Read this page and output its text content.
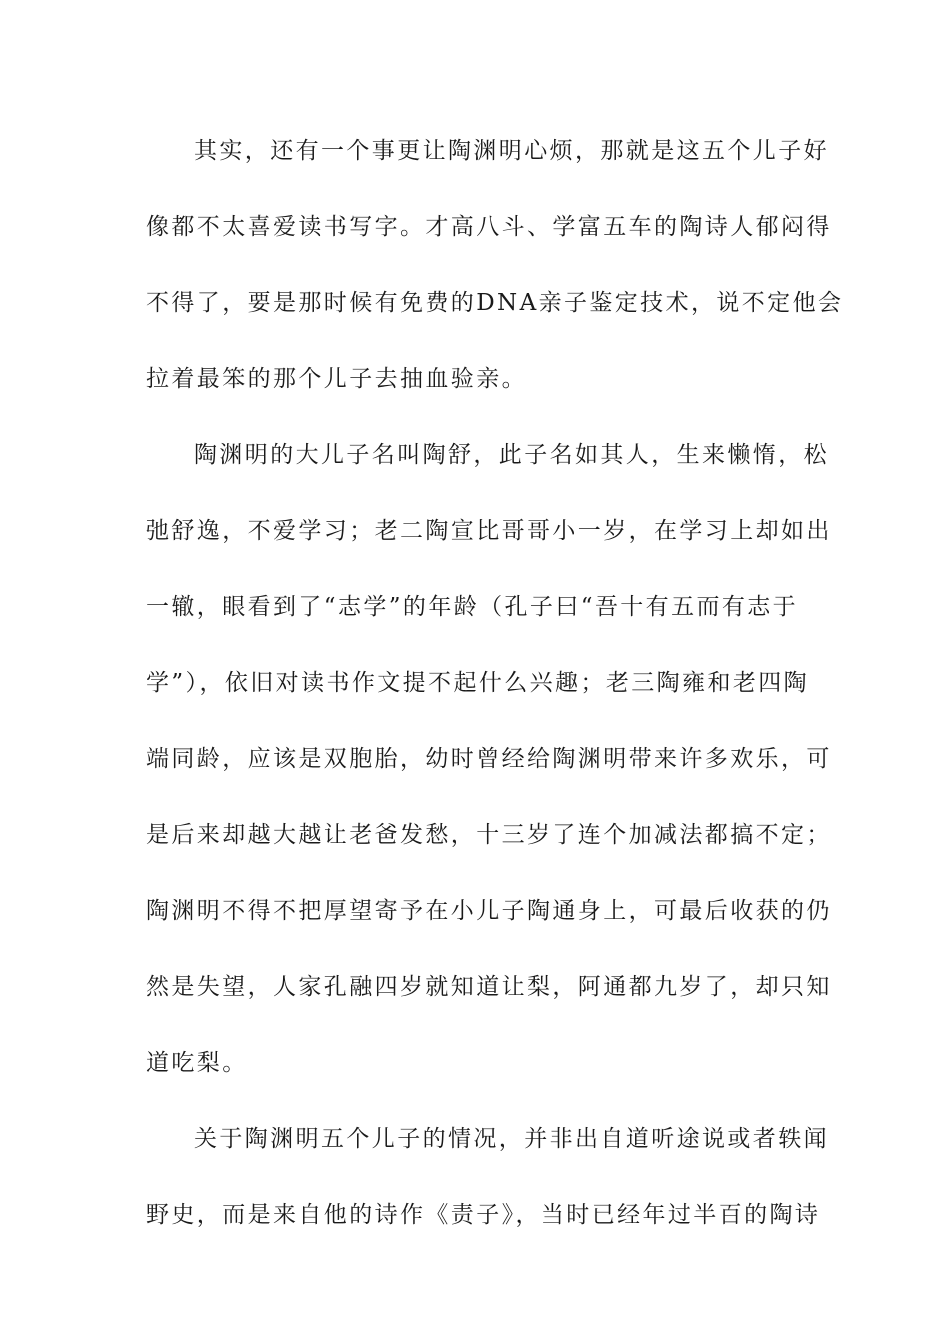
其实，还有一个事更让陶渊明心烦，那就是这五个儿子好
像都不太喜爱读书写字。才高八斗、学富五车的陶诗人郁闷得
不得了，要是那时候有免费的DNA亲子鉴定技术，说不定他会
拉着最笨的那个儿子去抽血验亲。
陶渊明的大儿子名叫陶舒，此子名如其人，生来懒惰，松
弛舒逸，不爱学习；老二陶宣比哥哥小一岁，在学习上却如出
一辙，眼看到了“志学”的年龄（孔子曰“吾十有五而有志于
学”），依旧对读书作文提不起什么兴趣；老三陶雍和老四陶
端同龄，应该是双胞胎，幼时曾经给陶渊明带来许多欢乐，可
是后来却越大越让老爸发愁，十三岁了连个加减法都搞不定；
陶渊明不得不把厚望寄予在小儿子陶通身上，可最后收获的仍
然是失望，人家孔融四岁就知道让梨，阿通都九岁了，却只知
道吃梨。
关于陶渊明五个儿子的情况，并非出自道听途说或者轶闻
野史，而是来自他的诗作《责子》，当时已经年过半百的陶诗
